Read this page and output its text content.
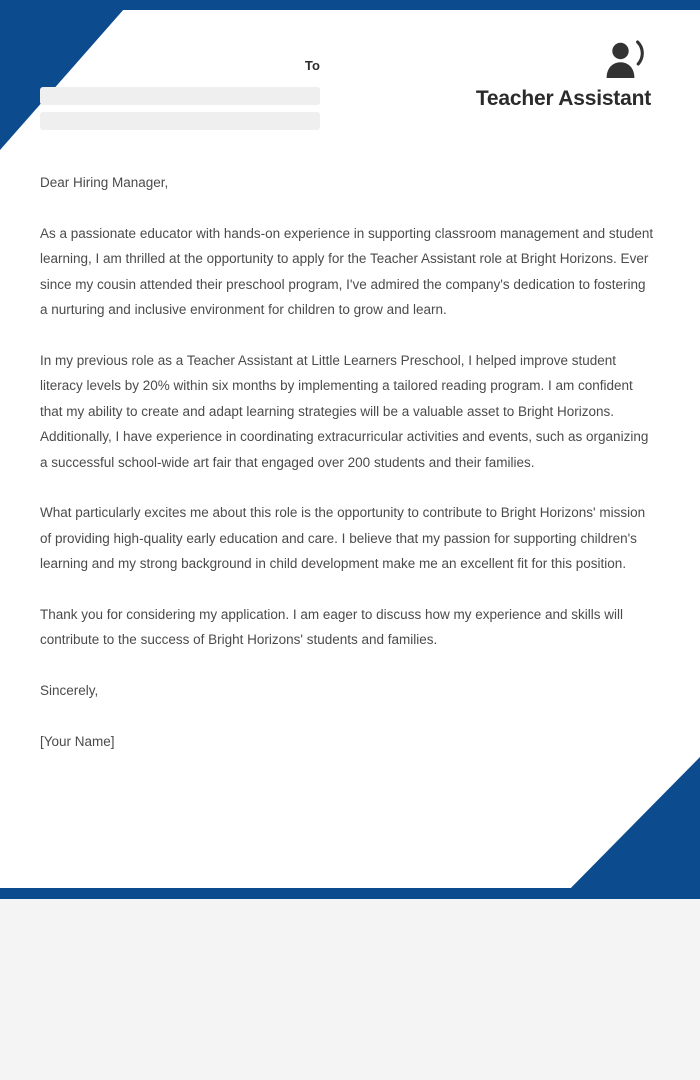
To
Teacher Assistant

Dear Hiring Manager,

As a passionate educator with hands-on experience in supporting classroom management and student learning, I am thrilled at the opportunity to apply for the Teacher Assistant role at Bright Horizons. Ever since my cousin attended their preschool program, I've admired the company's dedication to fostering a nurturing and inclusive environment for children to grow and learn.

In my previous role as a Teacher Assistant at Little Learners Preschool, I helped improve student literacy levels by 20% within six months by implementing a tailored reading program. I am confident that my ability to create and adapt learning strategies will be a valuable asset to Bright Horizons. Additionally, I have experience in coordinating extracurricular activities and events, such as organizing a successful school-wide art fair that engaged over 200 students and their families.

What particularly excites me about this role is the opportunity to contribute to Bright Horizons' mission of providing high-quality early education and care. I believe that my passion for supporting children's learning and my strong background in child development make me an excellent fit for this position.

Thank you for considering my application. I am eager to discuss how my experience and skills will contribute to the success of Bright Horizons' students and families.

Sincerely,

[Your Name]
